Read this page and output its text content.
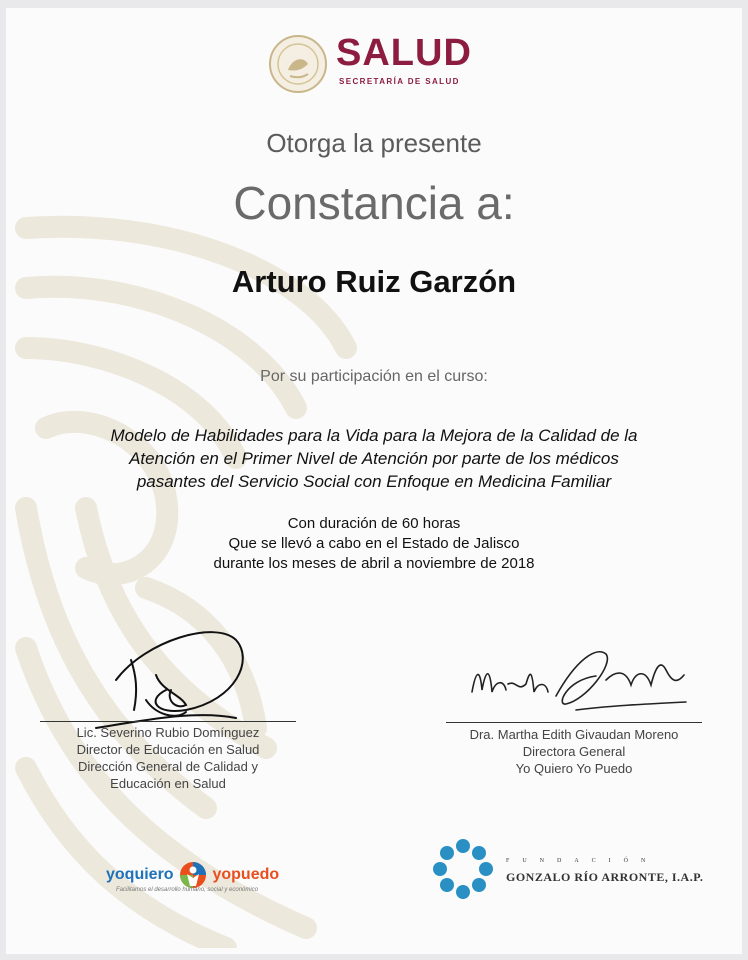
SALUD
SECRETARÍA DE SALUD
Otorga la presente
Constancia a:
Arturo Ruiz Garzón
Por su participación en el curso:
Modelo de Habilidades para la Vida para la Mejora de la Calidad de la
Atención en el Primer Nivel de Atención por parte de los médicos
pasantes del Servicio Social con Enfoque en Medicina Familiar
Con duración de 60 horas
Que se llevó a cabo en el Estado de Jalisco
durante los meses de abril a noviembre de 2018
Lic. Severino Rubio Domínguez
Director de Educación en Salud
Dirección General de Calidad y
Educación en Salud
Dra. Martha Edith Givaudan Moreno
Directora General
Yo Quiero Yo Puedo
yoquiero yopuedo
Facilitamos el desarrollo humano, social y económico
FUNDACIÓN
GONZALO RÍO ARRONTE, I.A.P.
